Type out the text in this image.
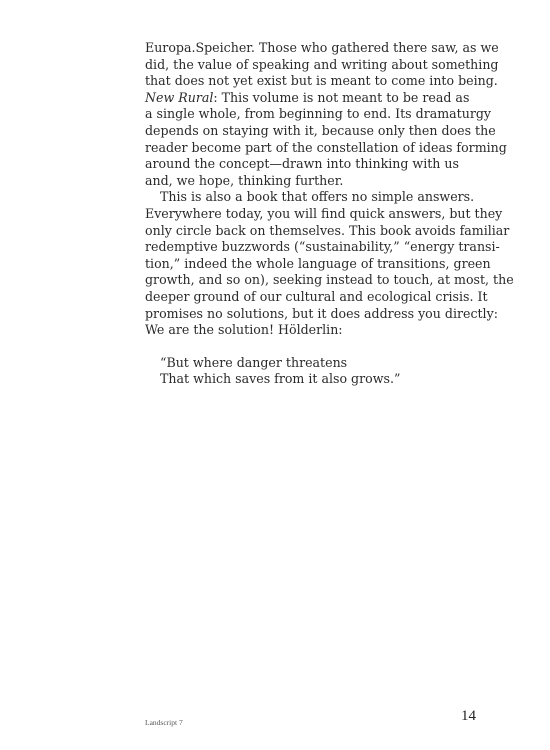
Europa.Speicher. Those who gathered there saw, as we
did, the value of speaking and writing about something
that does not yet exist but is meant to come into being.
New Rural: This volume is not meant to be read as
a single whole, from beginning to end. Its dramaturgy
depends on staying with it, because only then does the
reader become part of the constellation of ideas forming
around the concept—drawn into thinking with us
and, we hope, thinking further.
This is also a book that offers no simple answers.
Everywhere today, you will find quick answers, but they
only circle back on themselves. This book avoids familiar
redemptive buzzwords (“sustainability,” “energy transi-
tion,” indeed the whole language of transitions, green
growth, and so on), seeking instead to touch, at most, the
deeper ground of our cultural and ecological crisis. It
promises no solutions, but it does address you directly:
We are the solution! Hölderlin:
“But where danger threatens
That which saves from it also grows.”
Landscript 7	14
